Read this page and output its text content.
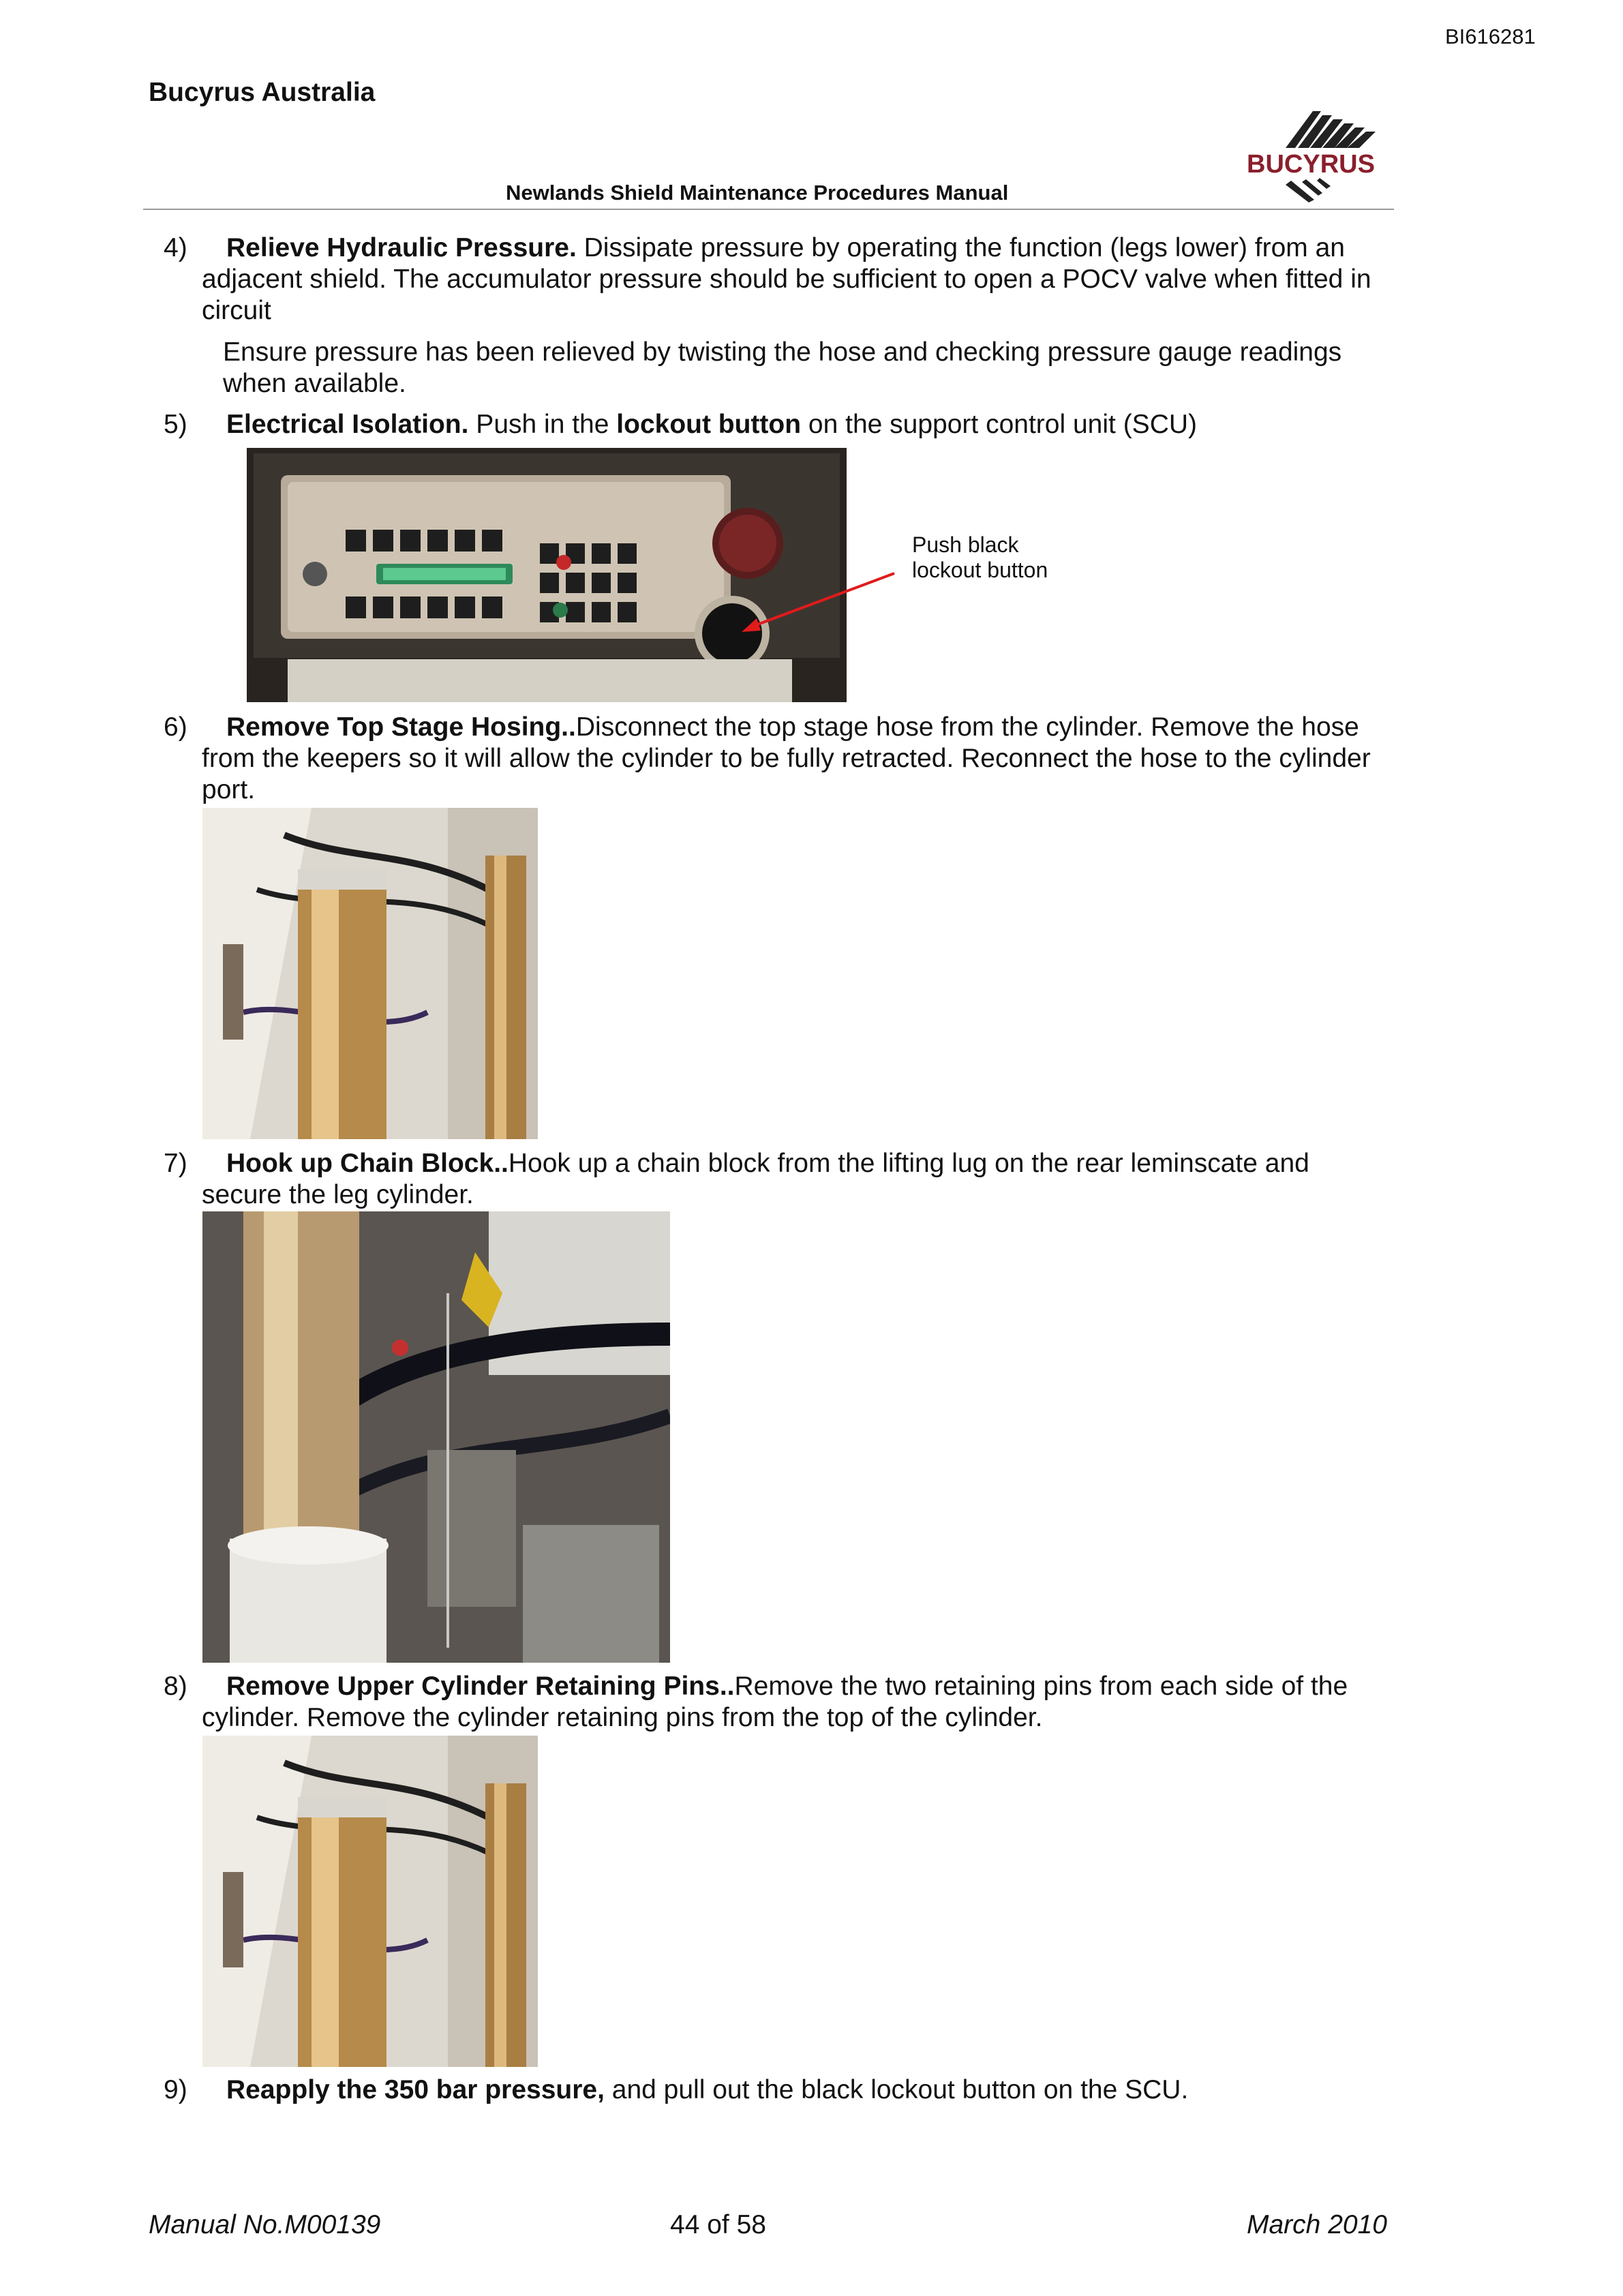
BI616281
Bucyrus Australia
BUCYRUS
Newlands Shield Maintenance Procedures Manual
4)	Relieve Hydraulic Pressure. Dissipate pressure by operating the function (legs lower) from an adjacent shield. The accumulator pressure should be sufficient to open a POCV valve when fitted in circuit
Ensure pressure has been relieved by twisting the hose and checking pressure gauge readings when available.
5)	Electrical Isolation. Push in the lockout button on the support control unit (SCU)
Push black
lockout button
6)	Remove Top Stage Hosing..Disconnect the top stage hose from the cylinder. Remove the hose from the keepers so it will allow the cylinder to be fully retracted. Reconnect the hose to the cylinder port.
7)	Hook up Chain Block..Hook up a chain block from the lifting lug on the rear leminscate and secure the leg cylinder.
8)	Remove Upper Cylinder Retaining Pins..Remove the two retaining pins from each side of the cylinder. Remove the cylinder retaining pins from the top of the cylinder.
9)	Reapply the 350 bar pressure, and pull out the black lockout button on the SCU.
Manual No.M00139	44 of 58	March 2010
